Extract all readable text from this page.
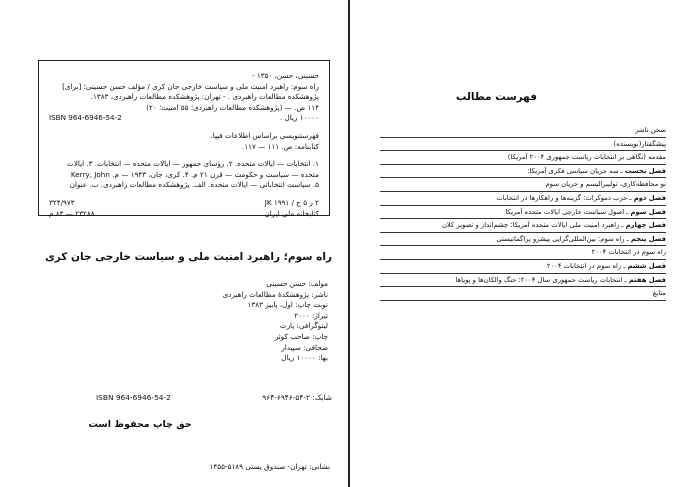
حسینی، حسن، ۱۳۵۰ -
راه سوم: راهبرد امنیت ملی و سیاست خارجی جان کری / مؤلف حسن حسینی؛ [برای]
پژوهشکده مطالعات راهبردی . - تهران: پژوهشکده مطالعات راهبردی، ۱۳۸۳.
۱۱۴ ص. — (پژوهشکده مطالعات راهبردی؛ ۵۵ امنیت؛ ۲۰)
۱۰۰۰۰ ریال .
ISBN 964-6946-54-2
فهرستنویسی براساس اطلاعات فیپا.
کتابنامه: ص. ۱۱۱ — ۱۱۷.
۱. انتخابات — ایالات متحده. ۲. رؤسای جمهور — ایالات متحده — انتخابات. ۳. ایالات
متحده — سیاست و حکومت — قرن ۲۱ م. ۴. کری، جان، ۱۹۴۳ — م. Kerry, John
۵. سیاست انتخاباتی — ایالات متحده. الف. پژوهشکده مطالعات راهبردی. ب. عنوان
۲ ر ۵ ح / JK ۱۹۹۱
۳۲۴/۹۷۳
کتابخانه ملی ایران
۲۳۲۸۸ — ۸۳ م
راه سوم؛ راهبرد امنیت ملی و سیاست خارجی جان کری
مولف: حسن حسینی
ناشر: پژوهشکدهٔ مطالعات راهبردی
نوبت چاپ: اول، پاییز ۱۳۸۳
تیراژ: ۲۰۰۰
لیتوگرافی: پارت
چاپ: صاحب کوثر
صحافی: سپیدار
بها: ۱۰۰۰۰ ریال
ISBN 964-6946-54-2	شابک: ۲-۵۴-۶۹۴۶-۹۶۴
حق چاپ محفوظ است
نشانی: تهران- صندوق پستی ۵۱۸۹-۱۴۵۵
فهرست مطالب
سخن ناشر
پیشگفتار(نویسنده)
مقدمه (نگاهی بر انتخابات ریاست جمهوری ۲۰۰۴ آمریکا)
فصل نخست ـ سه جریان سیاسی فکری آمریکا:
نو محافظه‌کاری، تولیبرالیسم و جریان سوم
فصل دوم ـ حزب دموکرات: گزینه‌ها و راهکارها در انتخابات
فصل سوم ـ اصول سیاست خارجی ایالات متحده آمریکا
فصل چهارم ـ راهبرد امنیت ملی ایالات متحده آمریکا: چشم‌انداز و تصویر کلان
فصل پنجم ـ راه سوم: بین‌المللی‌گرایی پیشرو پراگماتیستی
راه سوم در انتخابات ۲۰۰۴
فصل ششم ـ راه سوم در انتخابات ۲۰۰۴
فصل هفتم ـ انتخابات ریاست جمهوری سال ۲۰۰۴: جنگ والکان‌ها و پویاها
منابع
